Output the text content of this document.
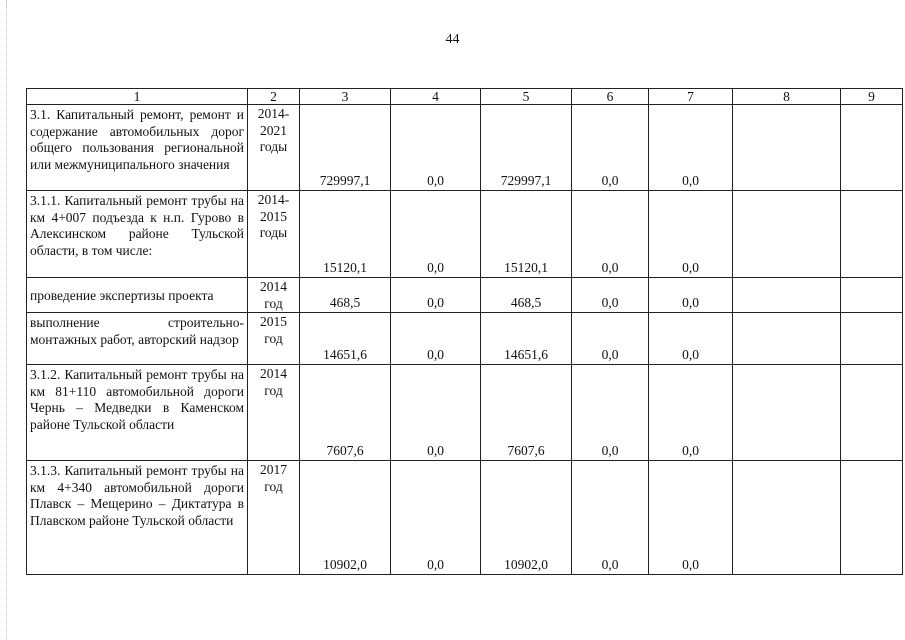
44
1	2	3	4	5	6	7	8	9
3.1. Капитальный ремонт, ремонт и содержание автомобильных дорог общего пользования региональной или межмуниципального значения	2014-2021 годы	729997,1	0,0	729997,1	0,0	0,0		
3.1.1. Капитальный ремонт трубы на км 4+007 подъезда к н.п. Гурово в Алексинском районе Тульской области, в том числе:	2014-2015 годы	15120,1	0,0	15120,1	0,0	0,0		
проведение экспертизы проекта	2014 год	468,5	0,0	468,5	0,0	0,0		
выполнение строительно-монтажных работ, авторский надзор	2015 год	14651,6	0,0	14651,6	0,0	0,0		
3.1.2. Капитальный ремонт трубы на км 81+110 автомобильной дороги Чернь – Медведки в Каменском районе Тульской области	2014 год	7607,6	0,0	7607,6	0,0	0,0		
3.1.3. Капитальный ремонт трубы на км 4+340 автомобильной дороги Плавск – Мещерино – Диктатура в Плавском районе Тульской области	2017 год	10902,0	0,0	10902,0	0,0	0,0		
